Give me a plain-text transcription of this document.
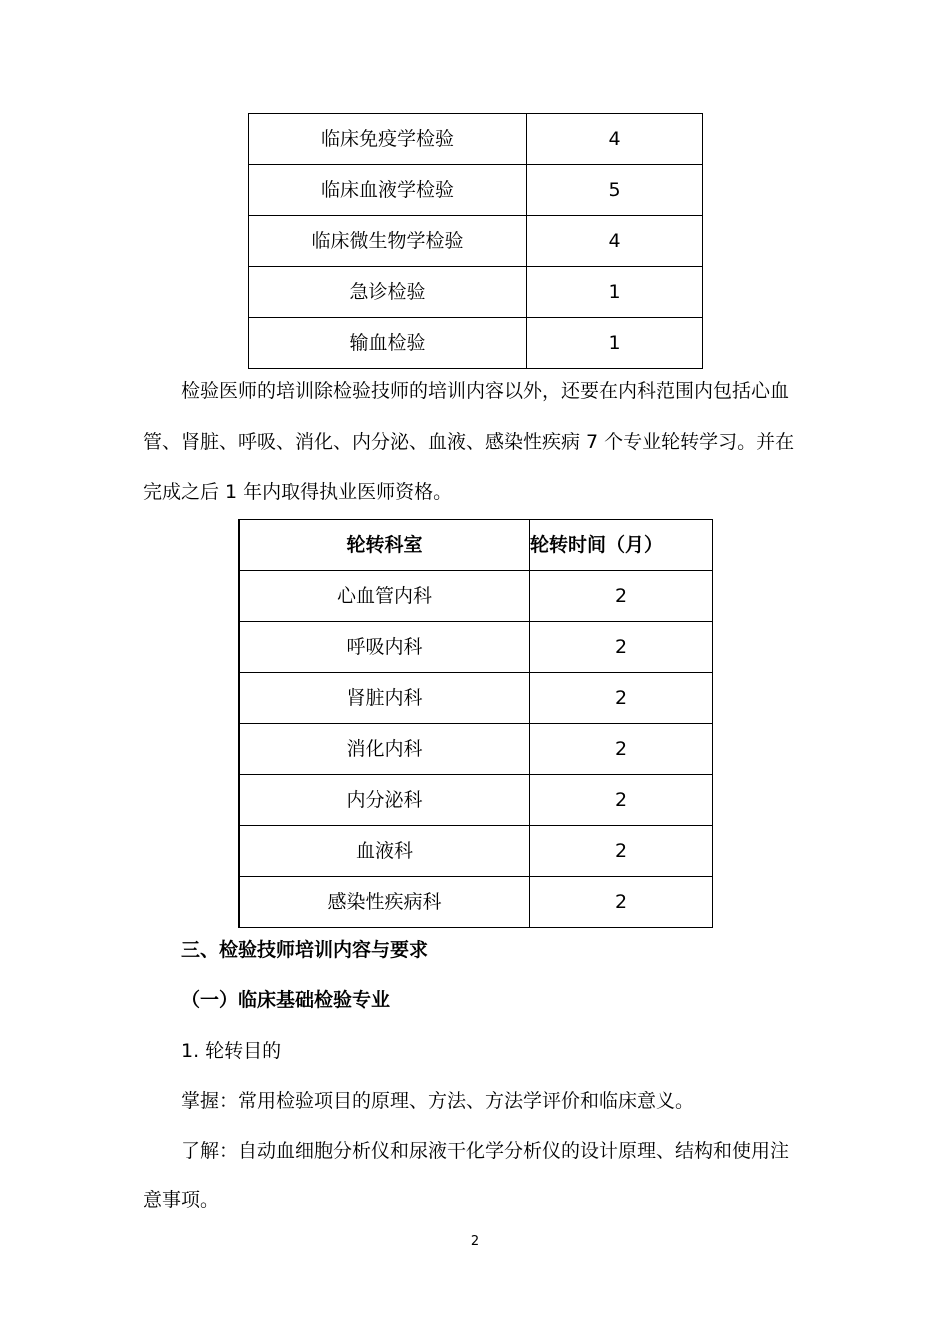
临床免疫学检验	4
临床血液学检验	5
临床微生物学检验	4
急诊检验	1
输血检验	1

检验医师的培训除检验技师的培训内容以外，还要在内科范围内包括心血

管、肾脏、呼吸、消化、内分泌、血液、感染性疾病 7 个专业轮转学习。并在

完成之后 1 年内取得执业医师资格。

轮转科室	轮转时间（月）
心血管内科	2
呼吸内科	2
肾脏内科	2
消化内科	2
内分泌科	2
血液科	2
感染性疾病科	2

三、检验技师培训内容与要求

（一）临床基础检验专业

1. 轮转目的

掌握：常用检验项目的原理、方法、方法学评价和临床意义。

了解：自动血细胞分析仪和尿液干化学分析仪的设计原理、结构和使用注

意事项。

2
